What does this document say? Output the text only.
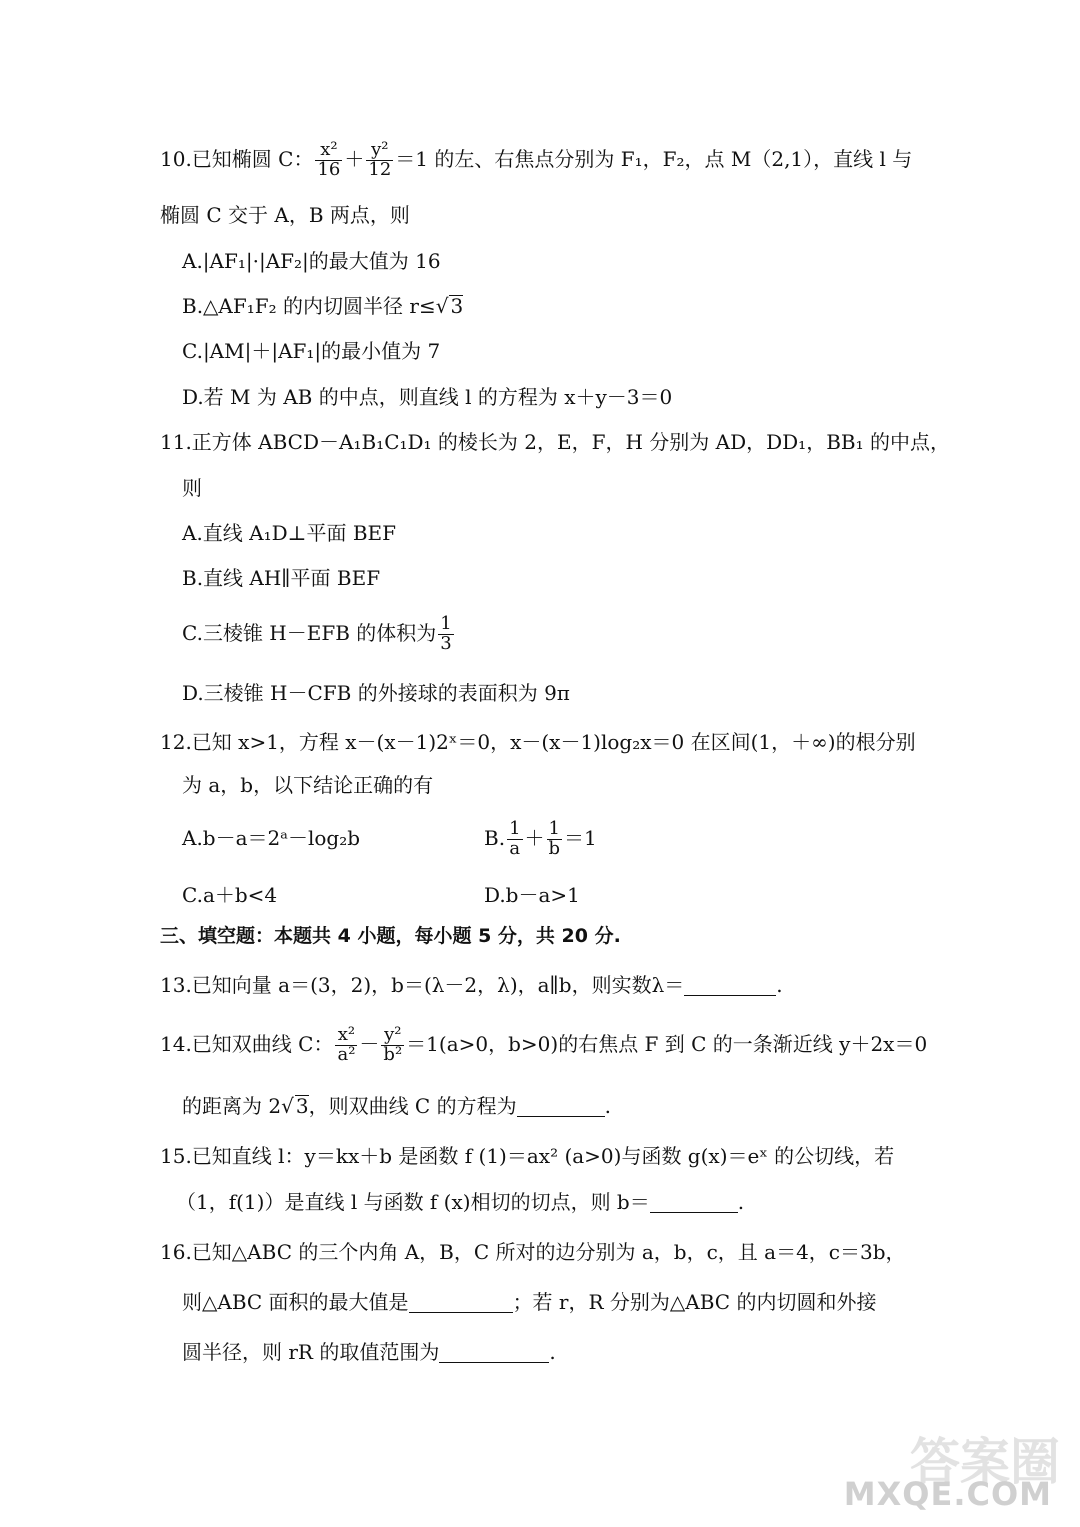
10.已知椭圆 C： $\frac{\text{x²}}{16} + \frac{\text{y²}}{12} =1$ 的左、右焦点分别为 F₁，F₂，点 M（2,1），直线 l 与
椭圆 C 交于 A，B 两点，则
A.|AF₁|·|AF₂|的最大值为 16
B.△AF₁F₂ 的内切圆半径 r≤√ 3
C.|AM|＋|AF₁|的最小值为 7
D.若 M 为 AB 的中点，则直线 l 的方程为 x＋y－3＝0
11.正方体 ABCD－A₁B₁C₁D₁ 的棱长为 2，E，F，H 分别为 AD，DD₁，BB₁ 的中点，
则
A.直线 A₁D⊥平面 BEF
B.直线 AH∥平面 BEF
C.三棱锥 H－EFB 的体积为 $\frac{1}{3}$
D.三棱锥 H－CFB 的外接球的表面积为 9π
12.已知 x>1，方程 x－(x－1)2ˣ＝0，x－(x－1)log₂x＝0 在区间(1，＋∞)的根分别
为 a，b，以下结论正确的有
A.b－a＝2ᵃ－log₂b	B. $\frac{1}{a} + \frac{1}{b} =1$
C.a＋b<4	D.b－a>1
三、填空题：本题共 4 小题，每小题 5 分，共 20 分.
13.已知向量 a＝(3，2)，b＝(λ－2，λ)，a∥b，则实数λ＝	.
14.已知双曲线 C： $\frac{\text{x²}}{\text{a²}} - \frac{\text{y²}}{\text{b²}} =1(a>0$，b>0)的右焦点 F 到 C 的一条渐近线 y＋2x＝0
的距离为 2√ 3，则双曲线 C 的方程为	.
15.已知直线 l：y＝kx＋b 是函数 f (1)＝ax² (a>0)与函数 g(x)＝eˣ 的公切线，若
（1，f(1)）是直线 l 与函数 f (x)相切的切点，则 b＝	.
16.已知△ABC 的三个内角 A，B，C 所对的边分别为 a，b，c，且 a＝4，c＝3b，
则△ABC 面积的最大值是	；若 r，R 分别为△ABC 的内切圆和外接
圆半径，则 rR 的取值范围为	.
答案圈
MXQE.COM
